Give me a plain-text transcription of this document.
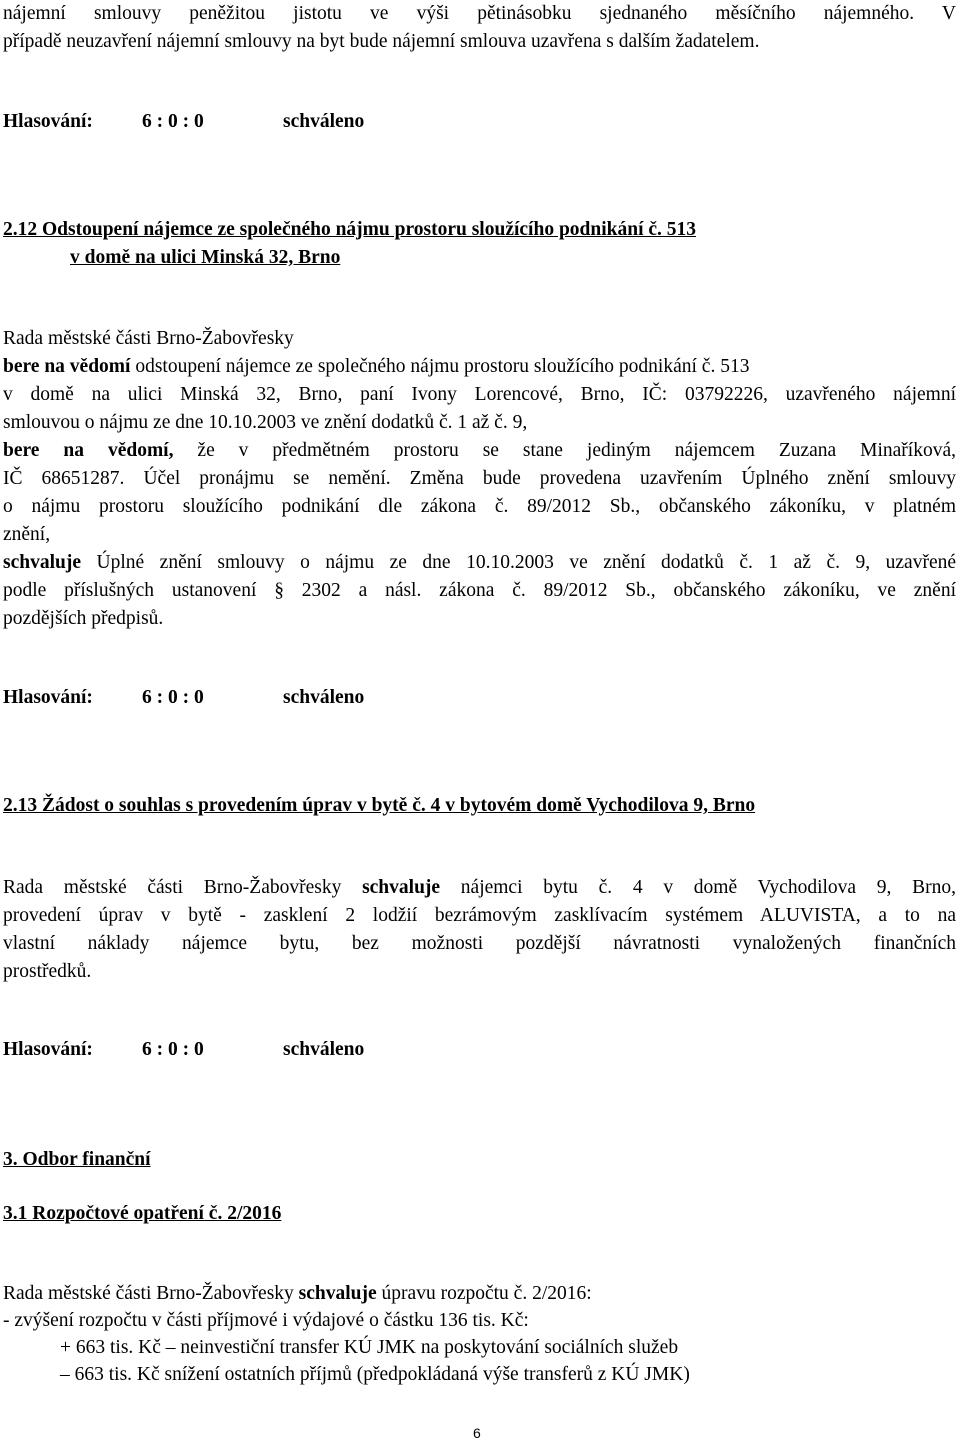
nájemní smlouvy peněžitou jistotu ve výši pětinásobku sjednaného měsíčního nájemného. V
případě neuzavření nájemní smlouvy na byt bude nájemní smlouva uzavřena s dalším žadatelem.
Hlasování:	6 : 0 : 0	schváleno
2.12 Odstoupení nájemce ze společného nájmu prostoru sloužícího podnikání č. 513
v domě na ulici Minská 32, Brno
Rada městské části Brno-Žabovřesky
bere na vědomí odstoupení nájemce ze společného nájmu prostoru sloužícího podnikání č. 513
v domě na ulici Minská 32, Brno, paní Ivony Lorencové, Brno, IČ: 03792226, uzavřeného nájemní
smlouvou o nájmu ze dne 10.10.2003 ve znění dodatků č. 1 až č. 9,
bere na vědomí, že v předmětném prostoru se stane jediným nájemcem Zuzana Minaříková,
IČ 68651287. Účel pronájmu se nemění. Změna bude provedena uzavřením Úplného znění smlouvy
o nájmu prostoru sloužícího podnikání dle zákona č. 89/2012 Sb., občanského zákoníku, v platném
znění,
schvaluje Úplné znění smlouvy o nájmu ze dne 10.10.2003 ve znění dodatků č. 1 až č. 9, uzavřené
podle příslušných ustanovení § 2302 a násl. zákona č. 89/2012 Sb., občanského zákoníku, ve znění
pozdějších předpisů.
Hlasování:	6 : 0 : 0	schváleno
2.13 Žádost o souhlas s provedením úprav v bytě č. 4 v bytovém domě Vychodilova 9, Brno
Rada městské části Brno-Žabovřesky schvaluje nájemci bytu č. 4 v domě Vychodilova 9, Brno,
provedení úprav v bytě - zasklení 2 lodžií bezrámovým zasklívacím systémem ALUVISTA, a to na
vlastní náklady nájemce bytu, bez možnosti pozdější návratnosti vynaložených finančních
prostředků.
Hlasování:	6 : 0 : 0	schváleno
3. Odbor finanční
3.1 Rozpočtové opatření č. 2/2016
Rada městské části Brno-Žabovřesky schvaluje úpravu rozpočtu č. 2/2016:
- zvýšení rozpočtu v části příjmové i výdajové o částku 136 tis. Kč:
+ 663 tis. Kč – neinvestiční transfer KÚ JMK na poskytování sociálních služeb
– 663 tis. Kč snížení ostatních příjmů (předpokládaná výše transferů z KÚ JMK)
6
